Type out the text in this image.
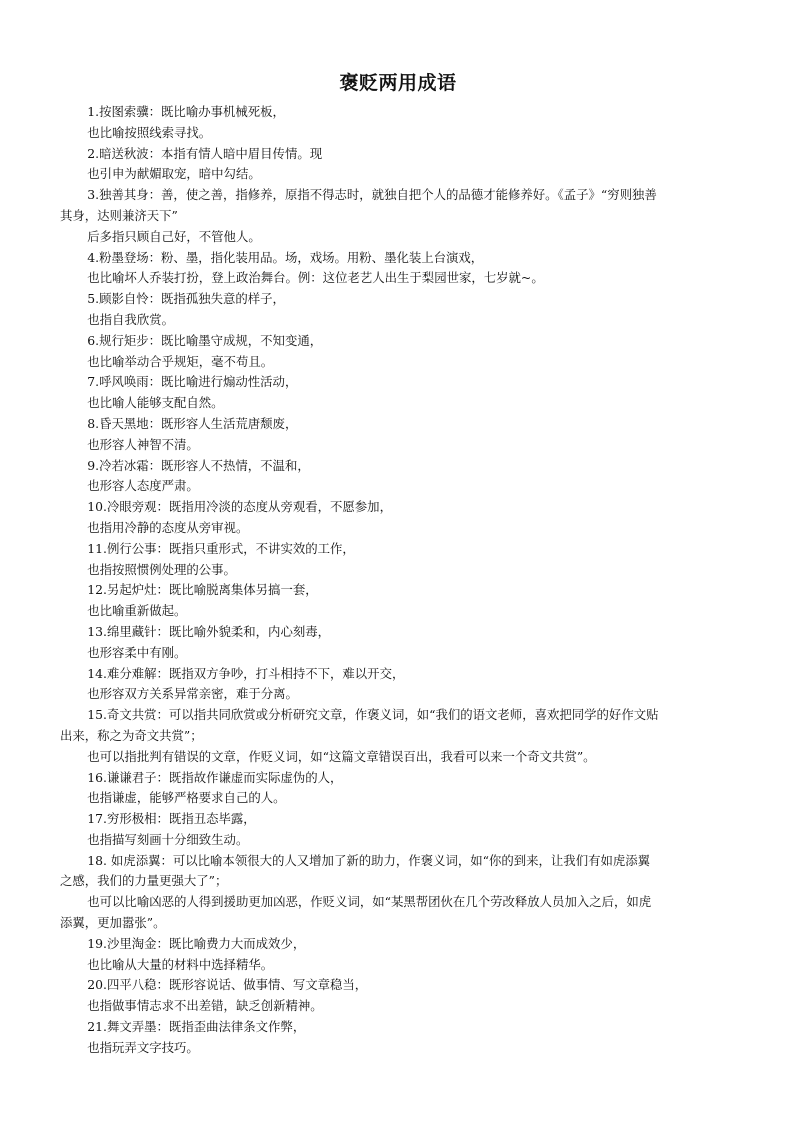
褒贬两用成语
1.按图索骥：既比喻办事机械死板，
也比喻按照线索寻找。
2.暗送秋波：本指有情人暗中眉目传情。现
也引申为献媚取宠，暗中勾结。
3.独善其身：善，使之善，指修养，原指不得志时，就独自把个人的品德才能修养好。《孟子》“穷则独善
其身，达则兼济天下”
后多指只顾自己好，不管他人。
4.粉墨登场：粉、墨，指化装用品。场，戏场。用粉、墨化装上台演戏，
也比喻坏人乔装打扮，登上政治舞台。例：这位老艺人出生于梨园世家，七岁就~。
5.顾影自怜：既指孤独失意的样子，
也指自我欣赏。
6.规行矩步：既比喻墨守成规，不知变通，
也比喻举动合乎规矩，毫不苟且。
7.呼风唤雨：既比喻进行煽动性活动，
也比喻人能够支配自然。
8.昏天黑地：既形容人生活荒唐颓废，
也形容人神智不清。
9.冷若冰霜：既形容人不热情，不温和，
也形容人态度严肃。
10.冷眼旁观：既指用冷淡的态度从旁观看，不愿参加，
也指用冷静的态度从旁审视。
11.例行公事：既指只重形式，不讲实效的工作，
也指按照惯例处理的公事。
12.另起炉灶：既比喻脱离集体另搞一套，
也比喻重新做起。
13.绵里藏针：既比喻外貌柔和，内心刻毒，
也形容柔中有刚。
14.难分难解：既指双方争吵，打斗相持不下，难以开交，
也形容双方关系异常亲密，难于分离。
15.奇文共赏：可以指共同欣赏或分析研究文章，作褒义词，如“我们的语文老师，喜欢把同学的好作文贴
出来，称之为奇文共赏”；
也可以指批判有错误的文章，作贬义词，如“这篇文章错误百出，我看可以来一个奇文共赏”。
16.谦谦君子：既指故作谦虚而实际虚伪的人，
也指谦虚，能够严格要求自己的人。
17.穷形极相：既指丑态毕露，
也指描写刻画十分细致生动。
18. 如虎添翼：可以比喻本领很大的人又增加了新的助力，作褒义词，如“你的到来，让我们有如虎添翼
之感，我们的力量更强大了”；
也可以比喻凶恶的人得到援助更加凶恶，作贬义词，如“某黑帮团伙在几个劳改释放人员加入之后，如虎
添翼，更加嚣张”。
19.沙里淘金：既比喻费力大而成效少，
也比喻从大量的材料中选择精华。
20.四平八稳：既形容说话、做事情、写文章稳当，
也指做事情志求不出差错，缺乏创新精神。
21.舞文弄墨：既指歪曲法律条文作弊，
也指玩弄文字技巧。
